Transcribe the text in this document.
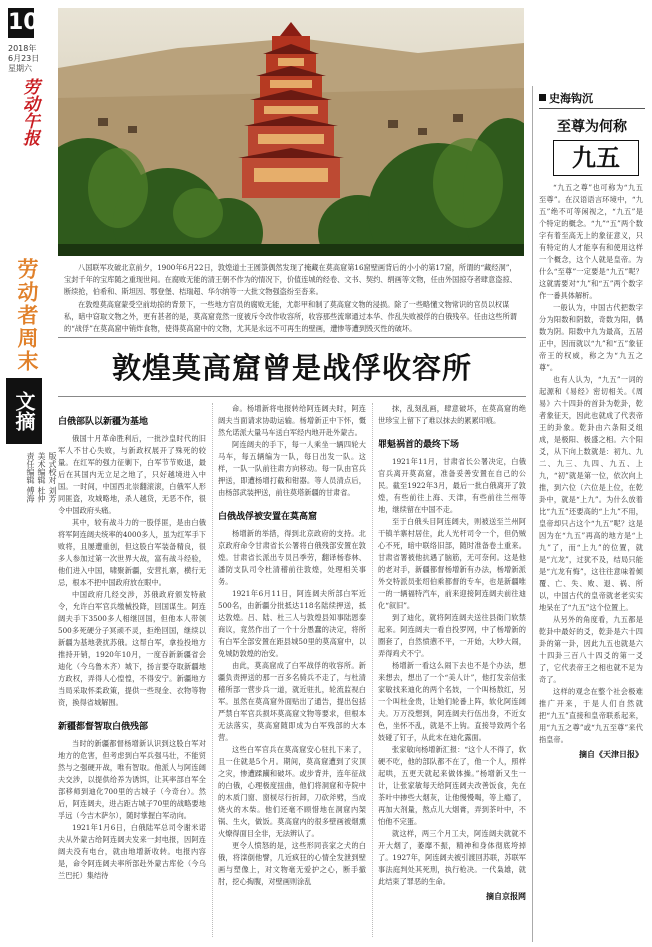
10
2018年
6月23日
星期六
劳动午报
劳动者周末
文摘
版式校对 刘芳
美术编辑 杜仲
责任编辑 傅海

八国联军攻破北京前夕，1900年6月22日，敦煌道士王圆箓偶然发现了掩藏在莫高窟第16窟壁画背后的小小的第17窟，所谓的“藏经洞”，宝封千年的宝库随之重现世间。在腐败无能的清王朝不作为的情况下，价值连城的经卷、文书、契约、绢画等文物，任由外国掠夺者肆意盗掠、断续抢，伯希和、斯坦因、鄂登堡、桔瑞超、华尔纳等一大批文物强盗纷至沓来。

在敦煌莫高窟蒙受空前劫掠的背景下，一些地方官员的腐败无能，尤彰甲和制了莫高窟文物的浸损。除了一些略懂文物常识的官员以权谋私，暗中窃取文物之外，更有甚者的是，莫高窟竟然一度被斥令改作收容所，收容那些流窜通过本华、作乱失败被俘的白俄残卒。任由这些所谓的“战俘”在莫高窟中销炸食物，使得莫高窟中的文物，尤其是永远不可再生的壁画，遭惨等遭到毁灭性的破坏。

敦煌莫高窟曾是战俘收容所

白俄部队以新疆为基地

俄国十月革命胜利后，一批沙皇时代的旧军人不甘心失败，与新政权展开了殊死的较量。在红军的强力征剿下，白军节节败退，最后在其国内无立足之地了，只好越境进入中国。一时间，中国西北崇翻滚滚，白俄军人形同匪盗，攻城略地，杀人越货，无恶不作，很令中国政府头痛。

其中，较有战斗力的一股俘匪，是由白俄将军阿连阔夫统率的4000多人，虽为红军手下败将，且屡遭重创，但这股白军装备精良，很多人参加过第一次世界大战，富有战斗经验，他们进入中国，啸聚新疆，安营扎寨，横行无忌，根本不把中国政府放在眼中。

中国政府几经交涉，苏俄政府颁发特赦令，允许白军官兵缴械投降，回国谋生。阿连阔夫手下3500多人相继回国，但他本人带领500多死硬分子冥顽不灵，拒绝回国，继续以新疆为基地袭扰苏俄。这帮白军，拿捡投地方推持开销，1920年10月，一度吞新新疆省会迪化（今乌鲁木齐）城下，扬言要夺取新疆地方政权，弄得人心惶惶，不得安宁。新疆地方当局采取怀柔政策，提供一些现金、衣物等物资，换得省城解围。

新疆都督智取白俄残部

当时的新疆都督杨增新认识到这股白军对地方的危害，但考虑到白军兵强马壮，不能贸然与之强硬开战，唯有智取。他派人与阿连阔夫交涉，以提供给养为诱饵，让其率部自军全部移师到迪化700里的古城子（今奇台）。然后，阿连阔夫，进占距古城子70里的战略要地孚远（今吉木萨尔），随时掌握白军动向。

1921年1月6日，白俄陆军总司令谢米诺夫从外蒙古给阿连阔夫发来一封电报，因阿连阔夫没有电台，就由地增新收转。电报内容是，命令阿连阔夫率所部赴外蒙古库伦（今乌兰巴托）集结待

命。杨增新将电报转给阿连阔夫时，阿连阔夫当面请求协助运输。杨增新正中下怀，慨然允诺派大量马车送白军经内地开赴外蒙古。

阿连阔夫的手下，每一人乘坐一辆四轮大马车，每五辆编为一队，每日出发一队。这样，一队一队前往肃方向移动。每一队由官兵押送，即遭杨增打截和钳器。等人员清点后，由杨部武装押送，前往莫塔新疆的甘肃省。

白俄战俘被安置在莫高窟

杨增新的举措，得到北京政府的支持。北京政府命令甘肃省长公署将白俄残部安置在敦煌。甘肃省长派出专员吕季劳，翻译杨春林、潘防支队司令杜清稽前往敦煌，处理相关事务。

1921年6月11日，阿连阔夫所部白军近500名，由新疆分批抵达118名陆续押送，抵达敦煌。吕、陆、杜三人与敦煌县知事陆恩泰商议，竟然作出了一个十分愚蠢的决定，将所有白军全部安置在距县城50里的莫高窟中，以免城防敦煌的治安。

由此，莫高窟成了白军战俘的收容所。新疆负责押送的那一百多名骑兵不走了，与杜清稽所部一营步兵一道，就近驻扎，轮流监视白军。虽然在莫高窟外面贴出了通告，提出包括严禁白军官兵损坏莫高窟文物等要求，但根本无法落实，莫高窟随即成为白军残部的大本营。

这些白军官兵在莫高窟安心驻扎下来了，且一住就是5个月。期间，莫高窟遭到了灾顶之灾，惨遭蹂躏和破坏。或步背并，连年征战的白俄，心理极度扭曲，他们将洞窟和寺院中的木质门窗、窗棂尽行折卸，刀砍斧劈，当成烧火的木柴。他们还毫不顾惜地在洞窟内架锅、生火，做饭。莫高窟内的很多壁画被烟熏火燎得面目全非，无法辨认了。

更令人愤怒的是，这些形同丧家之犬的白俄，将滦倒他譬，几近疯狂的心情全发泄到壁画与塑像上，对文物毫无爱护之心，断手撤肘，挖心掏腹，对壁画则涂乱

抹，乱刻乱画，肆意破坏，在莫高窟的绝世珍宝上留下了难以抹去的累累印痕。

罪魁祸首的最终下场

1921年11月，甘肃省长公署决定，白俄官兵离开莫高窟，准备妥善安置在自己的公民。截至1922年3月，最后一批白俄离开了敦煌，有些前往上海、天津，有些前往兰州等地，继续留在中国不走。

至于白俄头目阿连阔夫，则被送至兰州阿干镇羊寨村居住，此人光杆司令一个，但仍贼心不死，暗中联络旧部，随时准备卷土重来。甘肃省署被他抗遇了脑筋，无可奈何。这是他的老对手，新疆都督杨增新有办法，杨增新派外交特派员张绍伯乘都督的专车，也是新疆唯一的一辆福特汽车，前来迎接阿连阔夫前往迪化“叙旧”。

到了迪化，就将阿连阔夫送往县衙门软禁起来。阿连阔夫一看自投罗网，中了杨增新的圈套了，自然愤懑不平，一开始，大吵大闹，弄得鸡犬不宁。

杨增新一看这么闹下去也不是个办法，想来想去，想出了一个“美人计”，他打发亲信张家敏找来迪化的两个名妓，一个叫杨敖红，另一个叫杜金贵，让她们轮番上阵，软化阿连阔夫。万万没想到，阿连阔夫行伍出身，不近女色，坐怀不乱，就是不上钩。直接导致两个名妓碰了钉子，从此未在迪化露面。

张家敏向杨增新汇报：“这个人不得了，软硬不吃，他的部队都不在了，他一个人，照样起哄，五更天就起来做体操。”杨增新又生一计，让张家敏每天给阿连阔夫改善饭食，先在茶叶中掺些大烟灰，让他慢慢喝，等上瘾了，再加大剂量，熬点儿大烟膏，弄到茶叶中，不怕他不完蛋。

就这样，两三个月工夫，阿连阔夫就就不开大烟了，萎靡不振，精神和身体彻底垮掉了。1927年，阿连阔夫被引渡回苏联，苏联军事法庭判处其死刑，执行枪决。一代枭雄，就此结束了罪恶的生命。

摘自京报网
史海钩沉
至尊为何称
九五

“九五之尊”也可称为“九五至尊”。在汉语语言环境中，“九五”绝不可等闲视之，“九五”是个特定的概念。“九”“五”两个数字有着至高无上的象征意义，只有特定的人才能享有和使用这样一个概念，这个人就是皇帝。为什么“至尊”一定要是“九五”呢？这就需要对“九”和“五”两个数字作一番具体解析。

一般认为，中国古代把数字分为阳数和阴数，奇数为阳，偶数为阴。阳数中九为最高，五居正中，因而就以“九”和“五”象征帝王的权威，称之为“九五之尊”。

也有人认为，“九五”一词的起源和《易经》密切相关。《周易》六十四卦的首卦为乾卦，乾者象征天，因此也就成了代表帝王的卦象。乾卦由六条阳爻组成，是极阳、极盛之相。六个阳爻，从下向上数就是：初九、九二、九三、九四、九五、上九，“初”就是第一位，依次向上推，到六位（六位是上位，在乾卦中，就是“上九”。为什么放着比“九五”还要高的“上九”不用，皇帝却只占这个“九五”呢？这是因为在“九五”再高的地方是“上九”了，而“上九”的位置，就是“亢龙”，过犹不及，结局只能是“亢龙有悔”，这往往意味着倾覆、亡、失、败、退、祸、所以，中国古代的皇帝就老老实实地呆在了“九五”这个位置上。

从另外的角度看，九五都是乾卦中最好的爻，乾卦是六十四卦的第一卦，因此九五也就是六十四卦三百八十四爻的第一爻了，它代表帝王之相也就不足为奇了。

这样的观念在整个社会极难推广开来，于是人们自然就把“九五”直接和皇帝联系起来，用“九五之尊”或“九五至尊”来代指皇帝。

摘自《天津日报》
